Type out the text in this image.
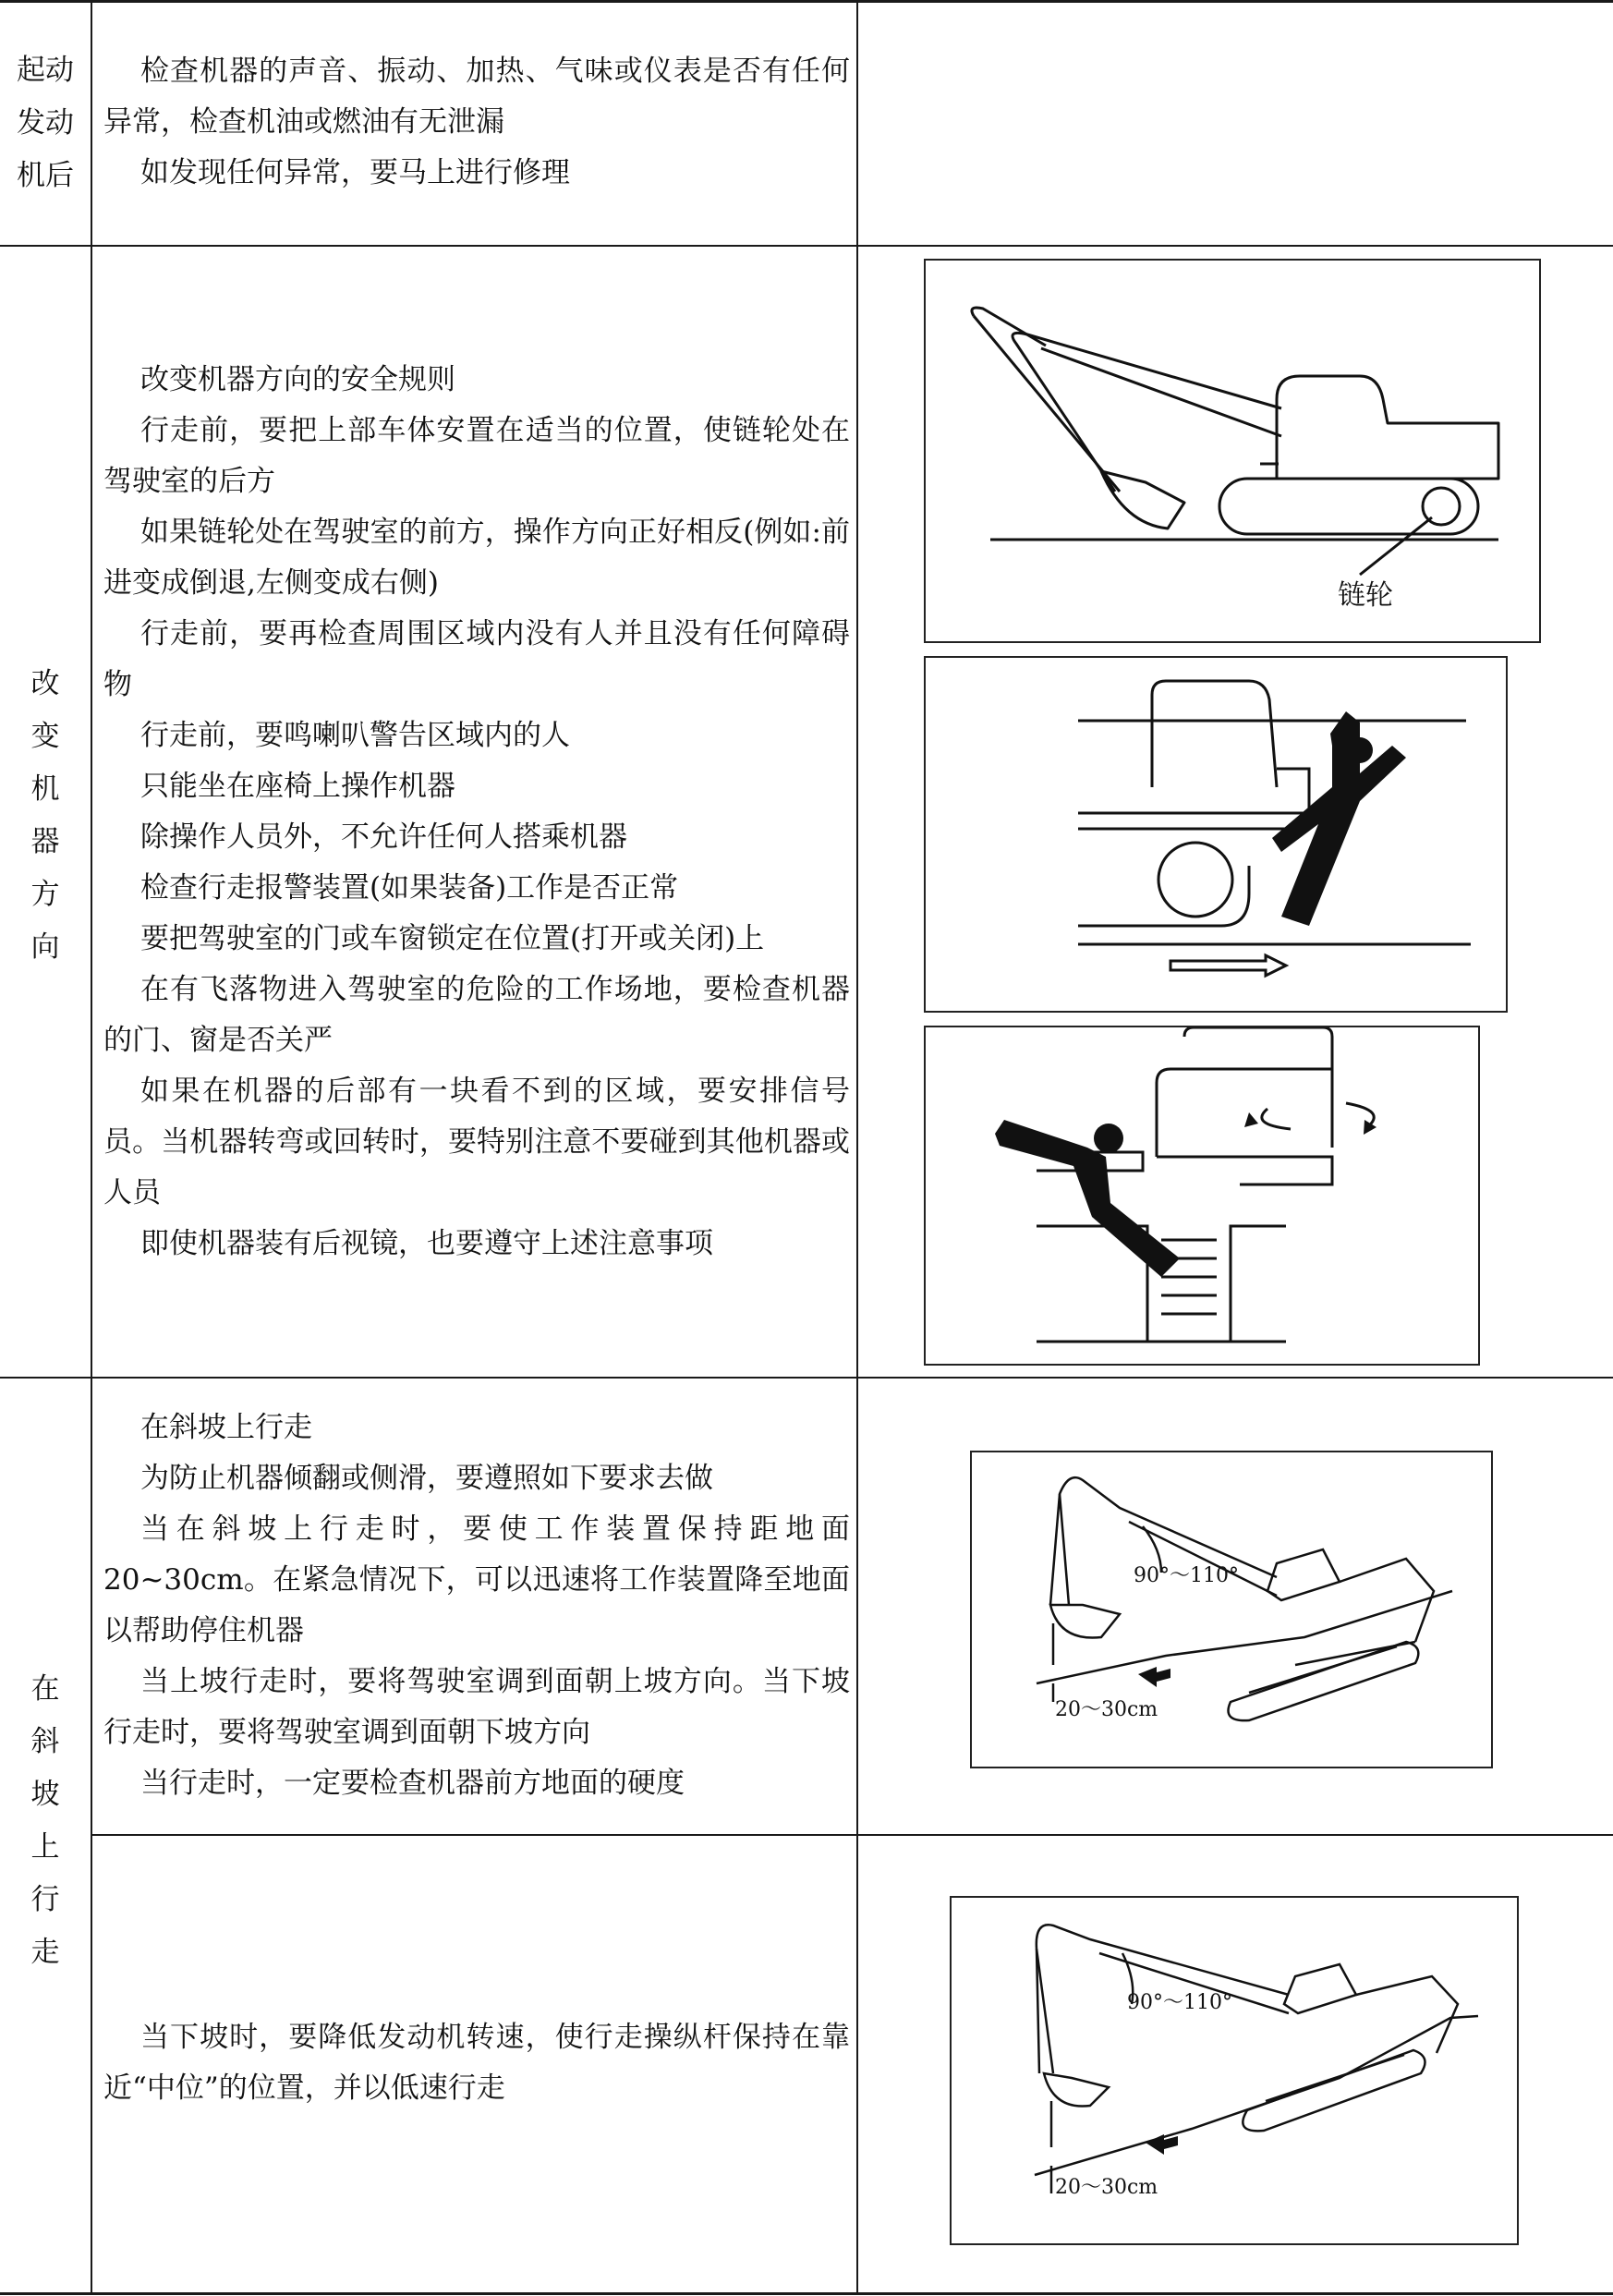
起动
发动
机后

检查机器的声音、振动、加热、气味或仪表是否有任何异常，检查机油或燃油有无泄漏

如发现任何异常，要马上进行修理

改
变
机
器
方
向

改变机器方向的安全规则

行走前，要把上部车体安置在适当的位置，使链轮处在驾驶室的后方

如果链轮处在驾驶室的前方，操作方向正好相反(例如:前进变成倒退,左侧变成右侧)

行走前，要再检查周围区域内没有人并且没有任何障碍物

行走前，要鸣喇叭警告区域内的人

只能坐在座椅上操作机器

除操作人员外，不允许任何人搭乘机器

检查行走报警装置(如果装备)工作是否正常

要把驾驶室的门或车窗锁定在位置(打开或关闭)上

在有飞落物进入驾驶室的危险的工作场地，要检查机器的门、窗是否关严

如果在机器的后部有一块看不到的区域，要安排信号员。当机器转弯或回转时，要特别注意不要碰到其他机器或人员

即使机器装有后视镜，也要遵守上述注意事项

链轮
在
斜
坡
上
行
走

在斜坡上行走

为防止机器倾翻或侧滑，要遵照如下要求去做

当在斜坡上行走时，要使工作装置保持距地面20~30cm。在紧急情况下，可以迅速将工作装置降至地面以帮助停住机器

当上坡行走时，要将驾驶室调到面朝上坡方向。当下坡行走时，要将驾驶室调到面朝下坡方向

当行走时，一定要检查机器前方地面的硬度

当下坡时，要降低发动机转速，使行走操纵杆保持在靠近“中位”的位置，并以低速行走

90°～110°
20～30cm
90°～110°
20～30cm
